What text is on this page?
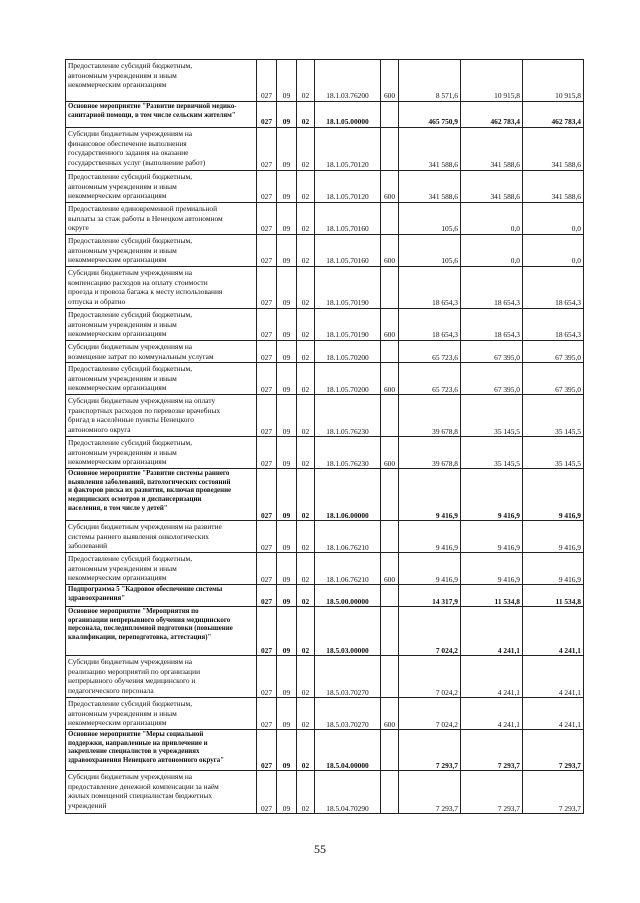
Предоставление субсидий бюджетным,
автономным учреждениям и иным
некоммерческим организациям	027	09	02	18.1.03.76200	600	8 571,6	10 915,8	10 915,8

Основное мероприятие "Развитие первичной медико-
санитарной помощи, в том числе сельским жителям"	027	09	02	18.1.05.00000		465 750,9	462 783,4	462 783,4

Субсидии бюджетным учреждениям на
финансовое обеспечение выполнения
государственного задания на оказание
государственных услуг (выполнение работ)	027	09	02	18.1.05.70120		341 588,6	341 588,6	341 588,6

Предоставление субсидий бюджетным,
автономным учреждениям и иным
некоммерческим организациям	027	09	02	18.1.05.70120	600	341 588,6	341 588,6	341 588,6

Предоставление единовременной премиальной
выплаты за стаж работы в Ненецком автономном
округе	027	09	02	18.1.05.70160		105,6	0,0	0,0

Предоставление субсидий бюджетным,
автономным учреждениям и иным
некоммерческим организациям	027	09	02	18.1.05.70160	600	105,6	0,0	0,0

Субсидии бюджетным учреждениям на
компенсацию расходов на оплату стоимости
проезда и провоза багажа к месту использования
отпуска и обратно	027	09	02	18.1.05.70190		18 654,3	18 654,3	18 654,3

Предоставление субсидий бюджетным,
автономным учреждениям и иным
некоммерческим организациям	027	09	02	18.1.05.70190	600	18 654,3	18 654,3	18 654,3

Субсидии бюджетным учреждениям на
возмещение затрат по коммунальным услугам	027	09	02	18.1.05.70200		65 723,6	67 395,0	67 395,0

Предоставление субсидий бюджетным,
автономным учреждениям и иным
некоммерческим организациям	027	09	02	18.1.05.70200	600	65 723,6	67 395,0	67 395,0

Субсидии бюджетным учреждениям на оплату
транспортных расходов по перевозке врачебных
бригад в населённые пункты Ненецкого
автономного округа	027	09	02	18.1.05.76230		39 678,8	35 145,5	35 145,5

Предоставление субсидий бюджетным,
автономным учреждениям и иным
некоммерческим организациям	027	09	02	18.1.05.76230	600	39 678,8	35 145,5	35 145,5

Основное мероприятие "Развитие системы раннего
выявления заболеваний, патологических состояний
и факторов риска их развития, включая проведение
медицинских осмотров и диспансеризации
населения, в том числе у детей"	027	09	02	18.1.06.00000		9 416,9	9 416,9	9 416,9

Субсидии бюджетным учреждениям на развитие
системы раннего выявления онкологических
заболеваний	027	09	02	18.1.06.76210		9 416,9	9 416,9	9 416,9

Предоставление субсидий бюджетным,
автономным учреждениям и иным
некоммерческим организациям	027	09	02	18.1.06.76210	600	9 416,9	9 416,9	9 416,9

Подпрограмма 5 "Кадровое обеспечение системы
здравоохранения"	027	09	02	18.5.00.00000		14 317,9	11 534,8	11 534,8

Основное мероприятие "Мероприятия по
организации непрерывного обучения медицинского
персонала, последипломной подготовки (повышение
квалификации, переподготовка, аттестация)"	027	09	02	18.5.03.00000		7 024,2	4 241,1	4 241,1

Субсидии бюджетным учреждениям на
реализацию мероприятий по организации
непрерывного обучения медицинского и
педагогического персонала	027	09	02	18.5.03.70270		7 024,2	4 241,1	4 241,1

Предоставление субсидий бюджетным,
автономным учреждениям и иным
некоммерческим организациям	027	09	02	18.5.03.70270	600	7 024,2	4 241,1	4 241,1

Основное мероприятие "Меры социальной
поддержки, направленные на привлечение и
закрепление специалистов в учреждениях
здравоохранения Ненецкого автономного округа"	027	09	02	18.5.04.00000		7 293,7	7 293,7	7 293,7

Субсидии бюджетным учреждениям на
предоставление денежной компенсации за наём
жилых помещений специалистам бюджетных
учреждений	027	09	02	18.5.04.70290		7 293,7	7 293,7	7 293,7
55
